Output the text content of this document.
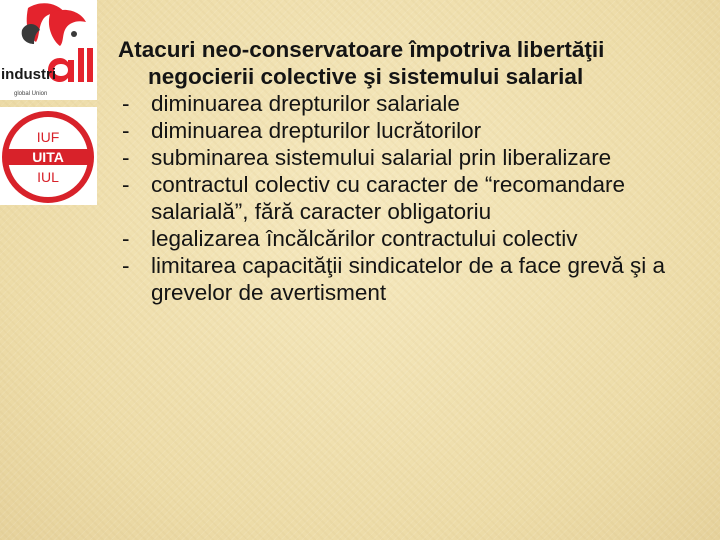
industri
global Union
IUF
UITA
IUL

Atacuri neo-conservatoare împotriva libertăţii negocierii colective şi sistemului salarial

- diminuarea drepturilor salariale
- diminuarea drepturilor lucrătorilor
- subminarea sistemului salarial prin liberalizare
- contractul colectiv cu caracter de “recomandare salarială”, fără caracter obligatoriu
- legalizarea încălcărilor contractului colectiv
- limitarea capacităţii sindicatelor de a face grevă şi a grevelor de avertisment
